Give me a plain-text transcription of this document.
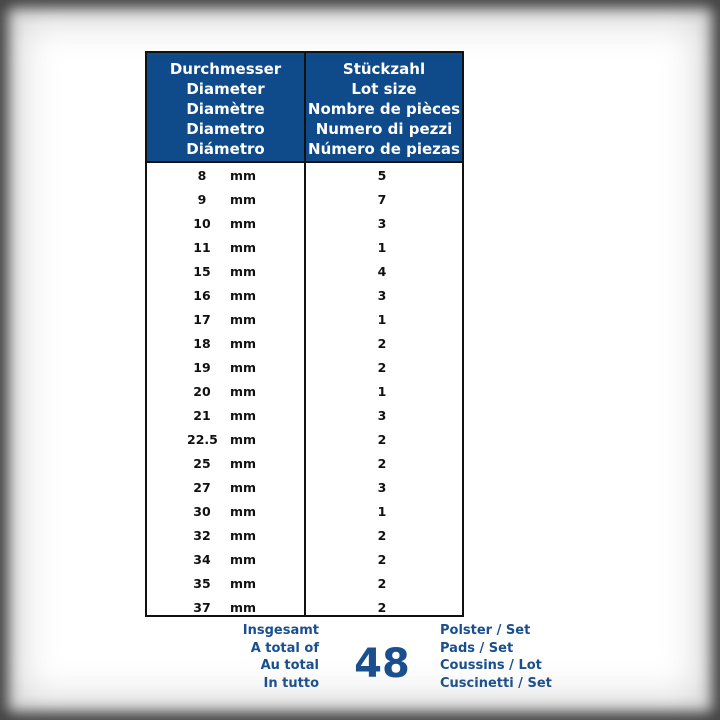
Durchmesser
Diameter
Diamètre
Diametro
Diámetro
Stückzahl
Lot size
Nombre de pièces
Numero di pezzi
Número de piezas
8	mm	5
9	mm	7
10	mm	3
11	mm	1
15	mm	4
16	mm	3
17	mm	1
18	mm	2
19	mm	2
20	mm	1
21	mm	3
22.5 mm	2
25	mm	2
27	mm	3
30	mm	1
32	mm	2
34	mm	2
35	mm	2
37	mm	2
Insgesamt
A total of
Au total
In tutto 48
Polster / Set
Pads / Set
Coussins / Lot
Cuscinetti / Set
